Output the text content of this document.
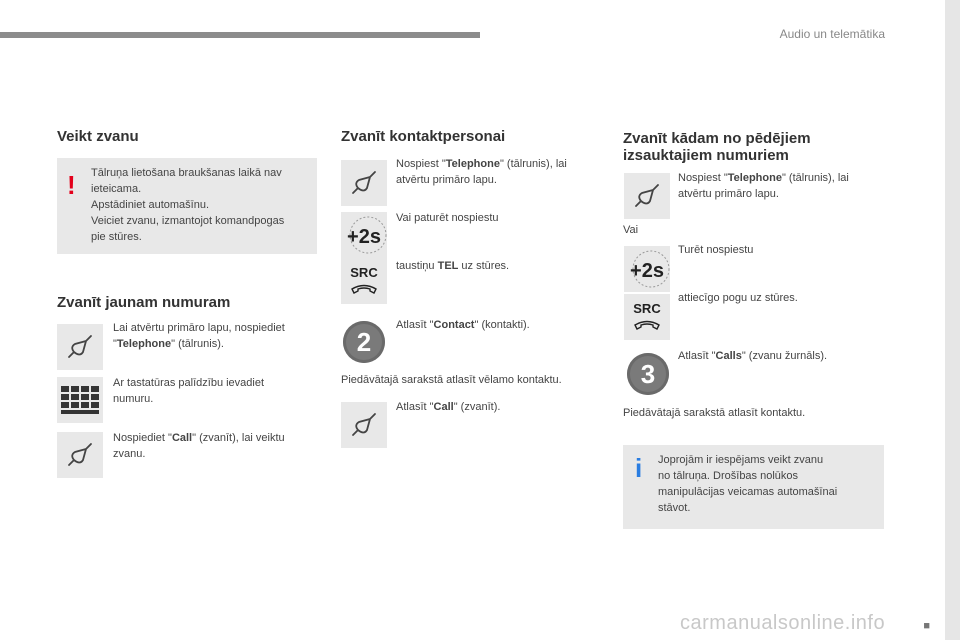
Audio un telemātika
Veikt zvanu
! Tālruņa lietošana braukšanas laikā nav
ieteicama.
Apstādiniet automašīnu.
Veiciet zvanu, izmantojot komandpogas
pie stūres.
Zvanīt jaunam numuram
Lai atvērtu primāro lapu, nospiediet
"Telephone" (tālrunis).
Ar tastatūras palīdzību ievadiet
numuru.
Nospiediet "Call" (zvanīt), lai veiktu
zvanu.
Zvanīt kontaktpersonai
Nospiest "Telephone" (tālrunis), lai
atvērtu primāro lapu.
+2s
Vai paturēt nospiestu
SRC taustiņu TEL uz stūres.
2
Atlasīt "Contact" (kontakti).
Piedāvātajā sarakstā atlasīt vēlamo kontaktu.
Atlasīt "Call" (zvanīt).
Zvanīt kādam no pēdējiem
izsauktajiem numuriem
Nospiest "Telephone" (tālrunis), lai
atvērtu primāro lapu.
Vai
+2s
Turēt nospiestu
SRC
attiecīgo pogu uz stūres.
3
Atlasīt "Calls" (zvanu žurnāls).
Piedāvātajā sarakstā atlasīt kontaktu.
i Joprojām ir iespējams veikt zvanu
no tālruņa. Drošības nolūkos
manipulācijas veicamas automašīnai
stāvot.
■
carmanualsonline.info
